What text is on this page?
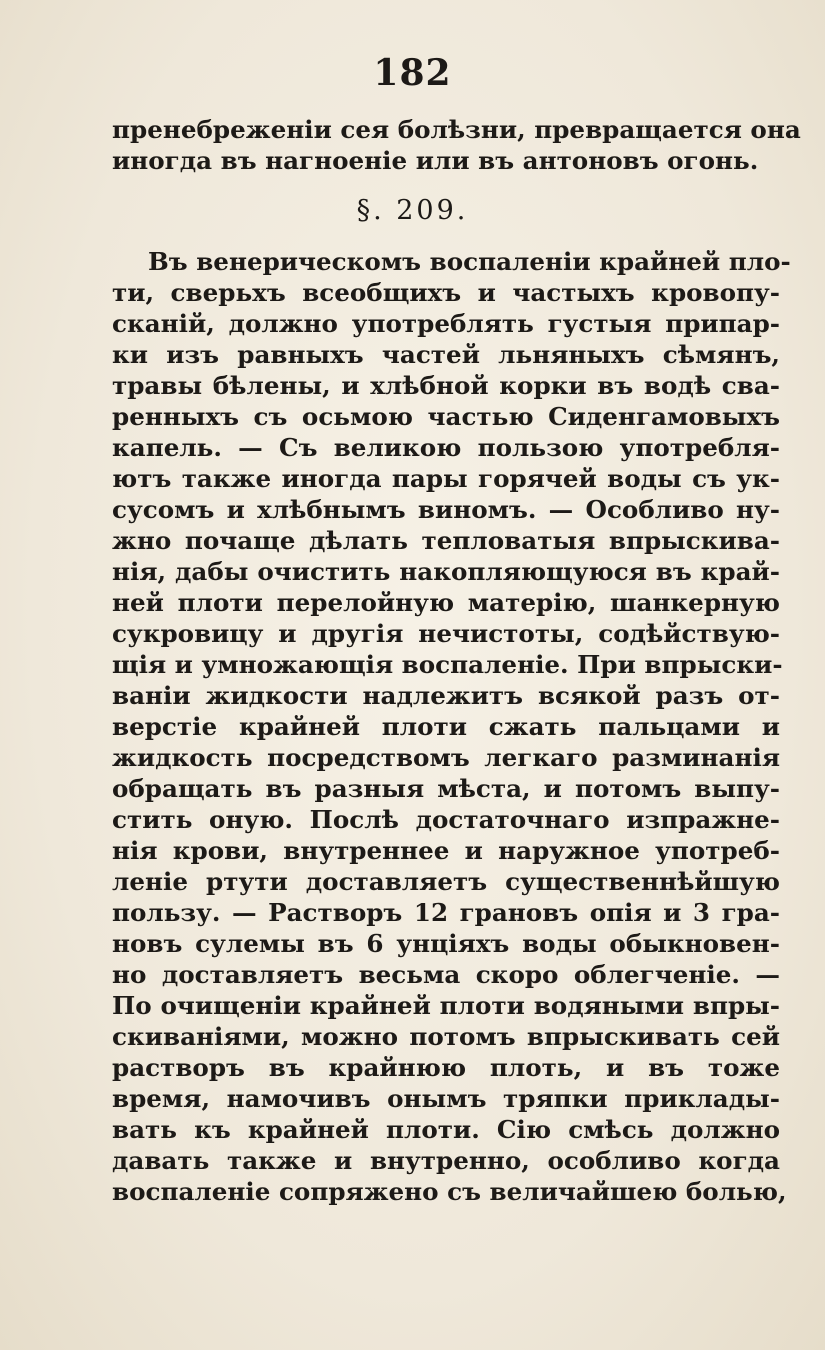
182
пренебреженіи сея болѣзни, превращается она
иногда въ нагноеніе или въ антоновъ огонь.
§. 209.
Въ венерическомъ воспаленіи крайней пло-
ти, сверьхъ всеобщихъ и частыхъ кровопу-
сканій, должно употреблять густыя припар-
ки изъ равныхъ частей льняныхъ сѣмянъ,
травы бѣлены, и хлѣбной корки въ водѣ сва-
ренныхъ съ осьмою частью Сиденгамовыхъ
капель. — Съ великою пользою употребля-
ютъ также иногда пары горячей воды съ ук-
сусомъ и хлѣбнымъ виномъ. — Особливо ну-
жно почаще дѣлать тепловатыя впрыскива-
нія, дабы очистить накопляющуюся въ край-
ней плоти перелойную матерію, шанкерную
сукровицу и другія нечистоты, содѣйствую-
щія и умножающія воспаленіе. При впрыски-
ваніи жидкости надлежитъ всякой разъ от-
верстіе крайней плоти сжать пальцами и
жидкость посредствомъ легкаго разминанія
обращать въ разныя мѣста, и потомъ выпу-
стить оную. Послѣ достаточнаго изпражне-
нія крови, внутреннее и наружное употреб-
леніе ртути доставляетъ существеннѣйшую
пользу. — Растворъ 12 грановъ опія и 3 гра-
новъ сулемы въ 6 унціяхъ воды обыкновен-
но доставляетъ весьма скоро облегченіе. —
По очищеніи крайней плоти водяными впры-
скиваніями, можно потомъ впрыскивать сей
растворъ въ крайнюю плоть, и въ тоже
время, намочивъ онымъ тряпки приклады-
вать къ крайней плоти. Сію смѣсь должно
давать также и внутренно, особливо когда
воспаленіе сопряжено съ величайшею болью,
